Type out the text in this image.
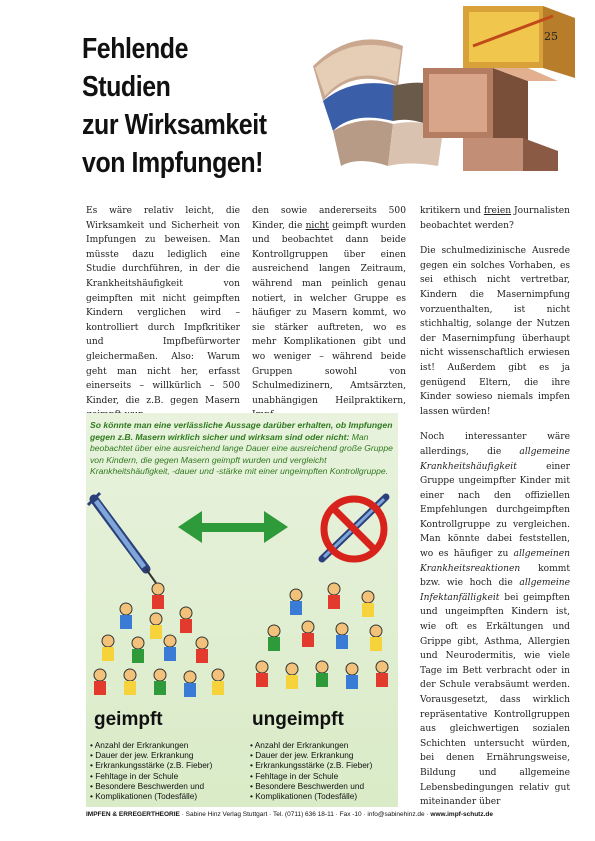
Fehlende Studien
zur Wirksamkeit
von Impfungen!
25

Es wäre relativ leicht, die Wirksamkeit und Sicherheit von Impfungen zu beweisen. Man müsste dazu lediglich eine Studie durchführen, in der die Krankheitshäufigkeit von geimpften mit nicht geimpften Kindern verglichen wird – kontrolliert durch Impfkritiker und Impfbefürworter gleichermaßen. Also: Warum geht man nicht her, erfasst einerseits – willkürlich – 500 Kinder, die z.B. gegen Masern

den sowie andererseits 500 Kinder, die nicht geimpft wurden und beobachtet dann beide Kontrollgruppen über einen ausreichend langen Zeitraum, während man peinlich genau notiert, in welcher Gruppe es häufiger zu Masern kommt, wo sie stärker auftreten, wo es mehr Komplikationen gibt und wo weniger – während beide Gruppen sowohl von Schulmedizinern, Amtsärzten, unabhängigen Heilpraktikern,

kritikern und freien Journalisten beobachtet werden?

Die schulmedizinische Ausrede gegen ein solches Vorhaben, es sei ethisch nicht vertretbar, Kindern die Masernimpfung vorzuenthalten, ist nicht stichhaltig, solange der Nutzen der Masernimpfung überhaupt nicht wissenschaftlich erwiesen ist! Außerdem gibt es ja genügend Eltern, die ihre Kinder sowieso niemals impfen lassen würden!

Noch interessanter wäre allerdings, die allgemeine Krankheitshäufigkeit einer Gruppe ungeimpfter Kinder mit einer nach den offiziellen Empfehlungen durchgeimpften Kontrollgruppe zu vergleichen. Man könnte dabei feststellen, wo es häufiger zu allgemeinen Krankheitsreaktionen kommt bzw. wie hoch die allgemeine Infektanfälligkeit bei geimpften und ungeimpften Kindern ist, wie oft es Erkältungen und Grippe gibt, Asthma, Allergien und Neurodermitis, wie viele Tage im Bett verbracht oder in der Schule verabsäumt werden. Vorausgesetzt, dass wirklich repräsentative Kontrollgruppen aus gleichwertigen sozialen Schichten untersucht würden, bei denen Ernährungsweise, Bildung und allgemeine Lebensbedingungen relativ gut miteinander über

So könnte man eine verlässliche Aussage darüber erhalten, ob Impfungen gegen z.B. Masern wirklich sicher und wirksam sind oder nicht: Man beobachtet über eine ausreichend lange Dauer eine ausreichend große Gruppe von Kindern, die gegen Masern geimpft wurden und vergleicht Krankheitshäufigkeit, -dauer und -stärke mit einer ungeimpften Kontrollgruppe.

geimpft	ungeimpft
• Anzahl der Erkrankungen
• Dauer der jew. Erkrankung
• Erkrankungsstärke (z.B. Fieber)
• Fehltage in der Schule
• Besondere Beschwerden und
• Komplikationen (Todesfälle)
• Anzahl der Erkrankungen
• Dauer der jew. Erkrankung
• Erkrankungsstärke (z.B. Fieber)
• Fehltage in der Schule
• Besondere Beschwerden und
• Komplikationen (Todesfälle)

IMPFEN & ERREGERTHEORIE · Sabine Hinz Verlag Stuttgart · Tel. (0711) 636 18-11 · Fax -10 · info@sabinehinz.de · www.impf-schutz.de
